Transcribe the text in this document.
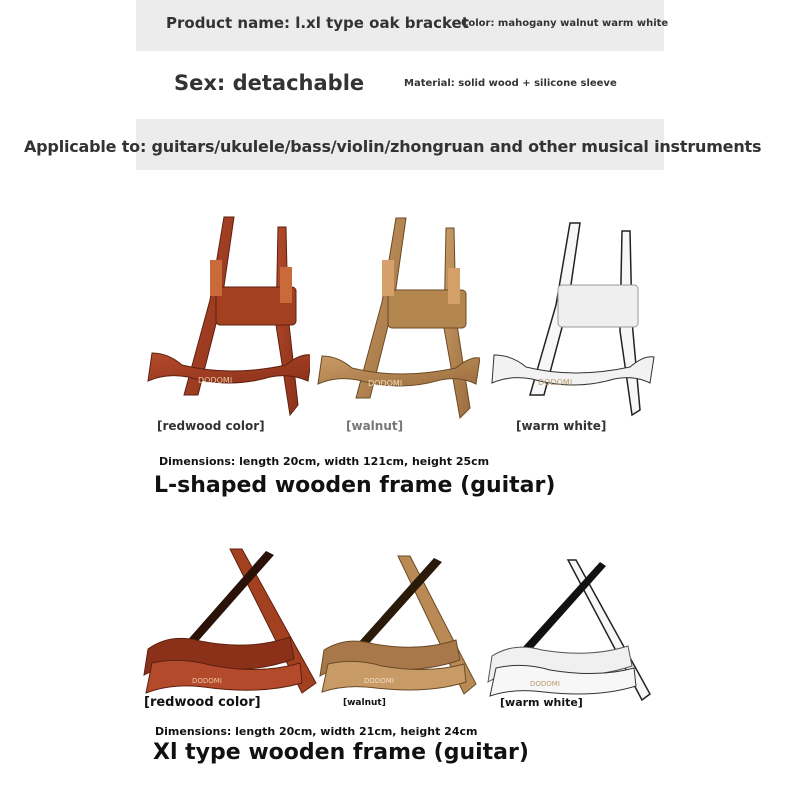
Product name: l.xl type oak bracket
Color: mahogany walnut warm white
Sex: detachable	Material: solid wood + silicone sleeve
Applicable to: guitars/ukulele/bass/violin/zhongruan and other musical instruments
DODOMI	DODOMI	DODOMI
[redwood color]	[walnut]	[warm white]
Dimensions: length 20cm, width 121cm, height 25cm
L-shaped wooden frame (guitar)
DODOMI	DODOMI	DODOMI
[redwood color]	[walnut]	[warm white]
Dimensions: length 20cm, width 21cm, height 24cm
Xl type wooden frame (guitar)
